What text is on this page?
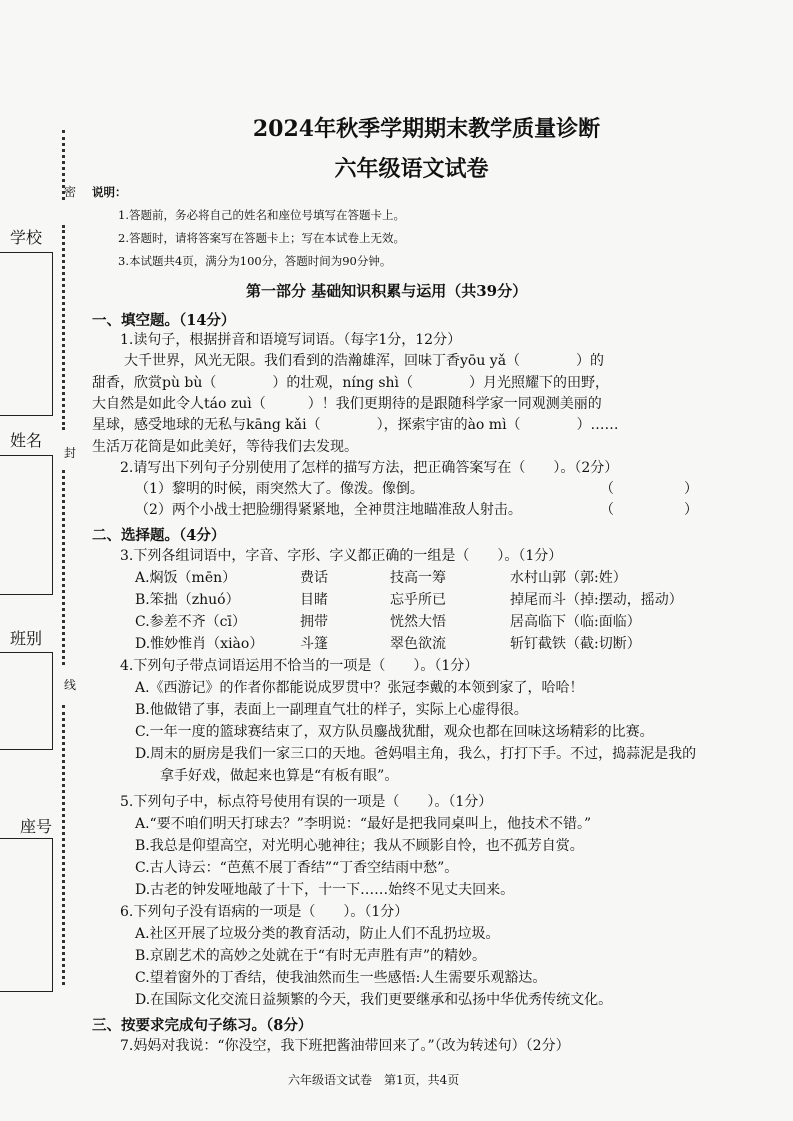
密
封
线
学校
姓名
班别
座号
2024年秋季学期期末教学质量诊断
六年级语文试卷
说明：
1.答题前，务必将自己的姓名和座位号填写在答题卡上。
2.答题时，请将答案写在答题卡上；写在本试卷上无效。
3.本试题共4页，满分为100分，答题时间为90分钟。
第一部分 基础知识积累与运用（共39分）
一、填空题。（14分）
1.读句子，根据拼音和语境写词语。（每字1分，12分）
大千世界，风光无限。我们看到的浩瀚雄浑，回味丁香yōu yǎ（　　　　）的
甜香，欣赏pù bù（　　　　）的壮观，níng shì（　　　　）月光照耀下的田野，
大自然是如此令人táo zuì（　　　）！我们更期待的是跟随科学家一同观测美丽的
星球，感受地球的无私与kāng kǎi（　　　　），探索宇宙的ào mì（　　　　）……
生活万花筒是如此美好，等待我们去发现。
2.请写出下列句子分别使用了怎样的描写方法，把正确答案写在（　　）。（2分）
（1）黎明的时候，雨突然大了。像泼。像倒。	（　　　　　）
（2）两个小战士把脸绷得紧紧地，全神贯注地瞄准敌人射击。	（　　　　　）
二、选择题。（4分）
3.下列各组词语中，字音、字形、字义都正确的一组是（　　）。（1分）
A.焖饭（mēn）	费话	技高一筹	水村山郭（郭:姓）
B.笨拙（zhuó）	目睹	忘乎所已	掉尾而斗（掉:摆动，摇动）
C.参差不齐（cī）	拥带	恍然大悟	居高临下（临:面临）
D.惟妙惟肖（xiào）	斗篷	翠色欲流	斩钉截铁（截:切断）
4.下列句子带点词语运用不恰当的一项是（　　）。（1分）
A.《西游记》的作者你都能说成罗贯中？张冠李戴的本领到家了，哈哈！
B.他做错了事，表面上一副理直气壮的样子，实际上心虚得很。
C.一年一度的篮球赛结束了，双方队员鏖战犹酣，观众也都在回味这场精彩的比赛。
D.周末的厨房是我们一家三口的天地。爸妈唱主角，我么，打打下手。不过，捣蒜泥是我的
拿手好戏，做起来也算是“有板有眼”。
5.下列句子中，标点符号使用有误的一项是（　　）。（1分）
A.“要不咱们明天打球去？”李明说：“最好是把我同桌叫上，他技术不错。”
B.我总是仰望高空，对光明心驰神往；我从不顾影自怜，也不孤芳自赏。
C.古人诗云：“芭蕉不展丁香结”“丁香空结雨中愁”。
D.古老的钟发哑地敲了十下，十一下……始终不见丈夫回来。
6.下列句子没有语病的一项是（　　）。（1分）
A.社区开展了垃圾分类的教育活动，防止人们不乱扔垃圾。
B.京剧艺术的高妙之处就在于“有时无声胜有声”的精妙。
C.望着窗外的丁香结，使我油然而生一些感悟:人生需要乐观豁达。
D.在国际文化交流日益频繁的今天，我们更要继承和弘扬中华优秀传统文化。
三、按要求完成句子练习。（8分）
7.妈妈对我说：“你没空，我下班把酱油带回来了。”（改为转述句）（2分）
六年级语文试卷　第1页，共4页
